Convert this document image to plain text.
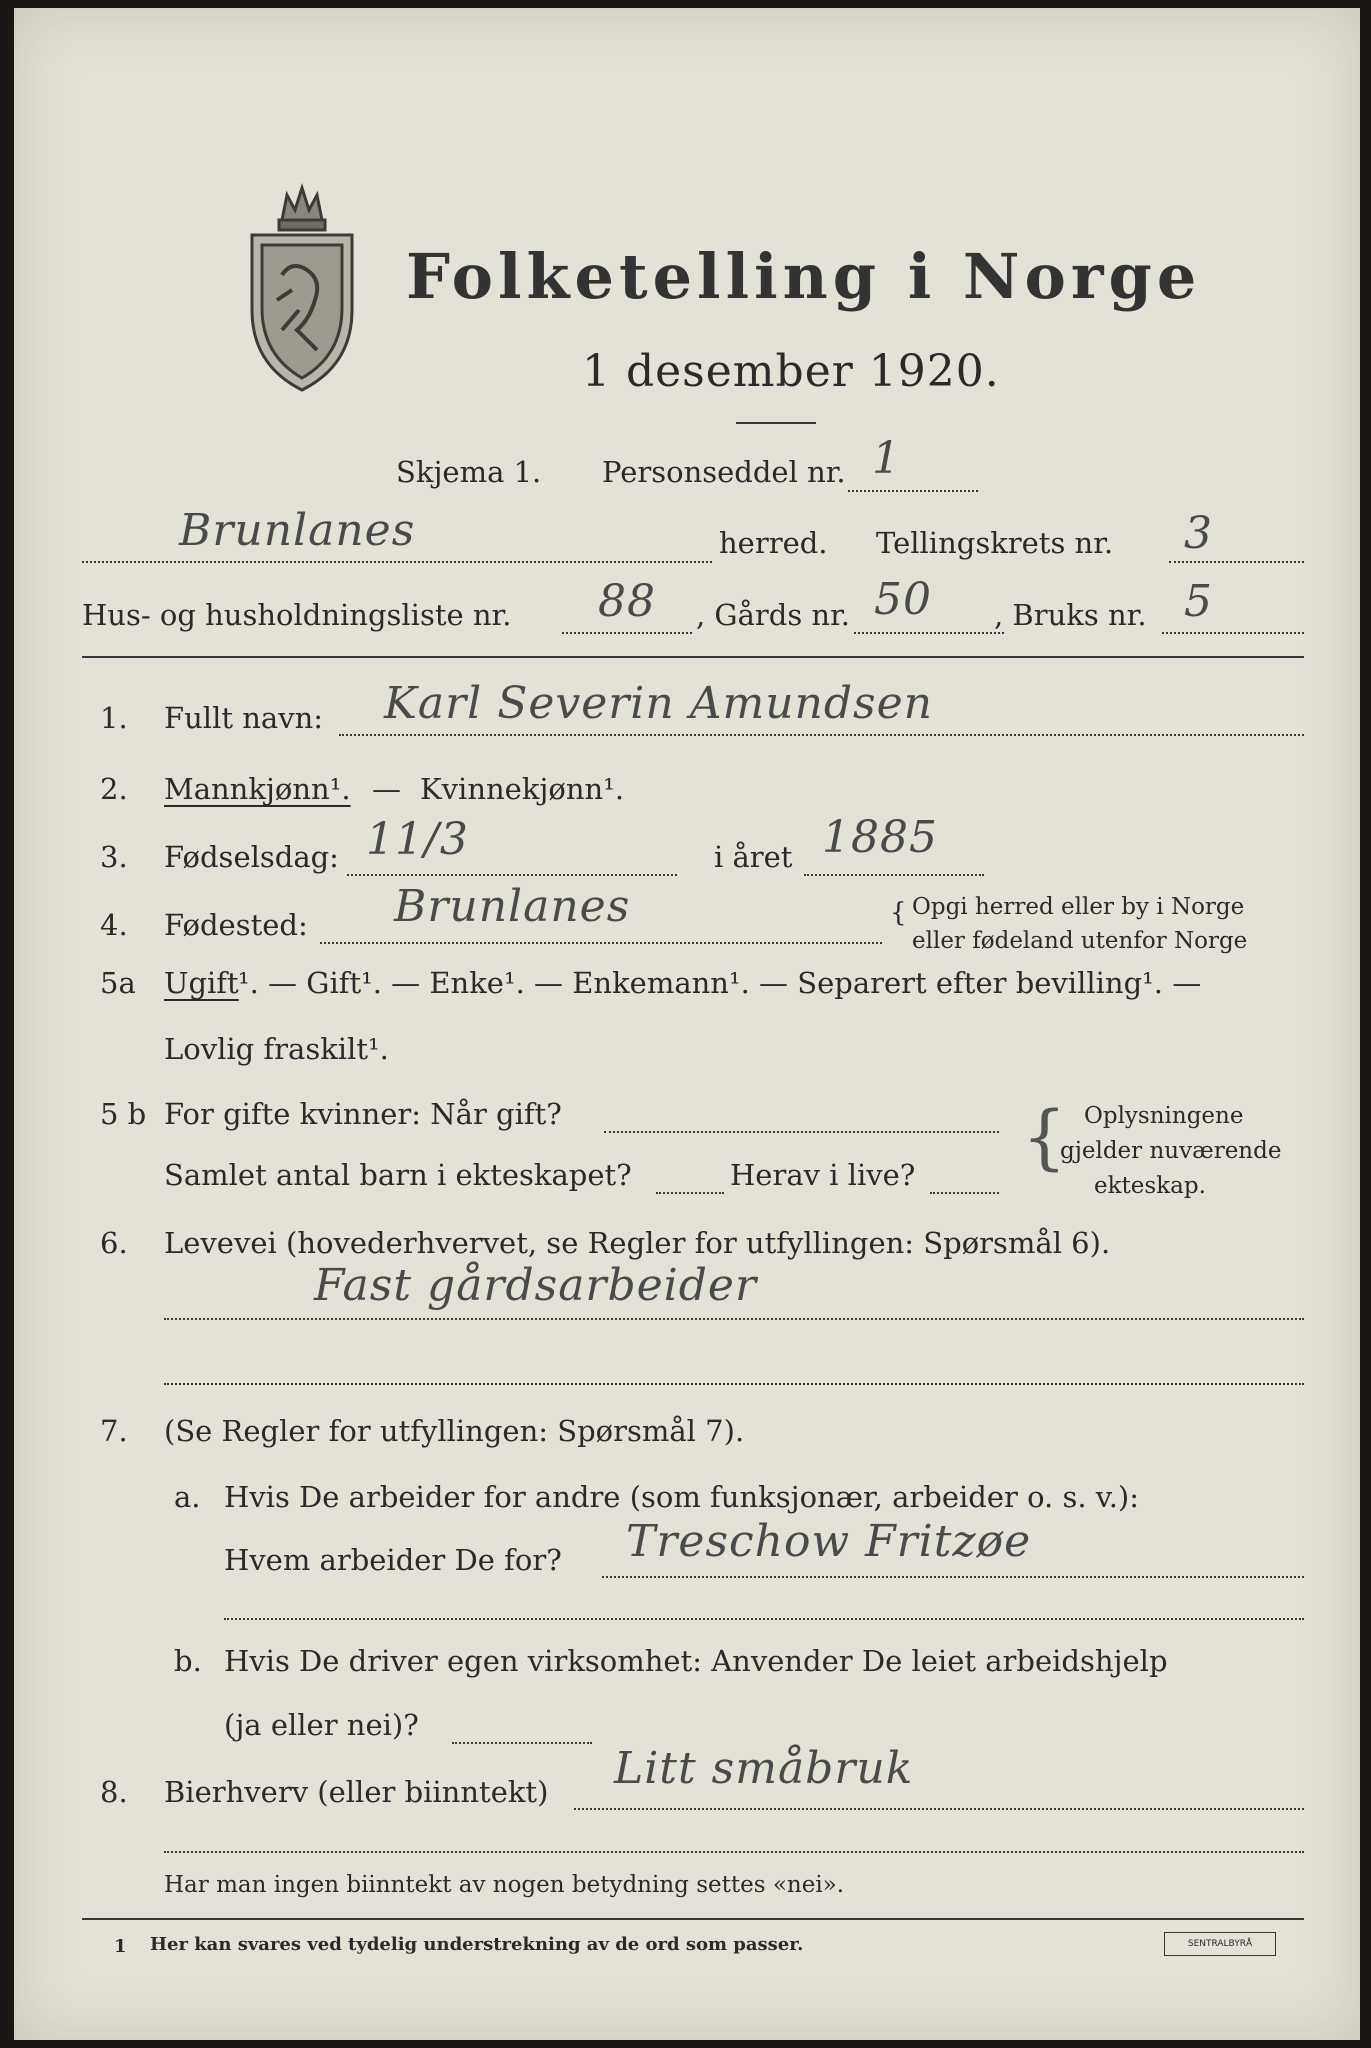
Folketelling i Norge
1 desember 1920.
Skjema 1. Personseddel nr. 1
Brunlanes	herred. Tellingskrets nr. 3
Hus- og husholdningsliste nr. 88 , Gårds nr. 50 , Bruks nr. 5
1. Fullt navn: Karl Severin Amundsen
2. Mannkjønn¹. — Kvinnekjønn¹.
3. Fødselsdag: 11/3	i året 1885
4. Fødested: Brunlanes	{ Opgi herred eller by i Norge
eller fødeland utenfor Norge
5a Ugift ¹. — Gift¹. — Enke¹. — Enkemann¹. — Separert efter bevilling¹. —
Lovlig fraskilt¹.
5 b For gifte kvinner: Når gift?
Samlet antal barn i ekteskapet?	Herav i live? { Oplysningene
gjelder nuværende
ekteskap.
6. Levevei (hovederhvervet, se Regler for utfyllingen: Spørsmål 6).
Fast gårdsarbeider
7. (Se Regler for utfyllingen: Spørsmål 7).
a. Hvis De arbeider for andre (som funksjonær, arbeider o. s. v.):
Hvem arbeider De for? Treschow Fritzøe
b. Hvis De driver egen virksomhet: Anvender De leiet arbeidshjelp
(ja eller nei)?
8. Bierhverv (eller biinntekt) Litt småbruk
Har man ingen biinntekt av nogen betydning settes «nei».
1 Her kan svares ved tydelig understrekning av de ord som passer.	SENTRALBYRÅ
